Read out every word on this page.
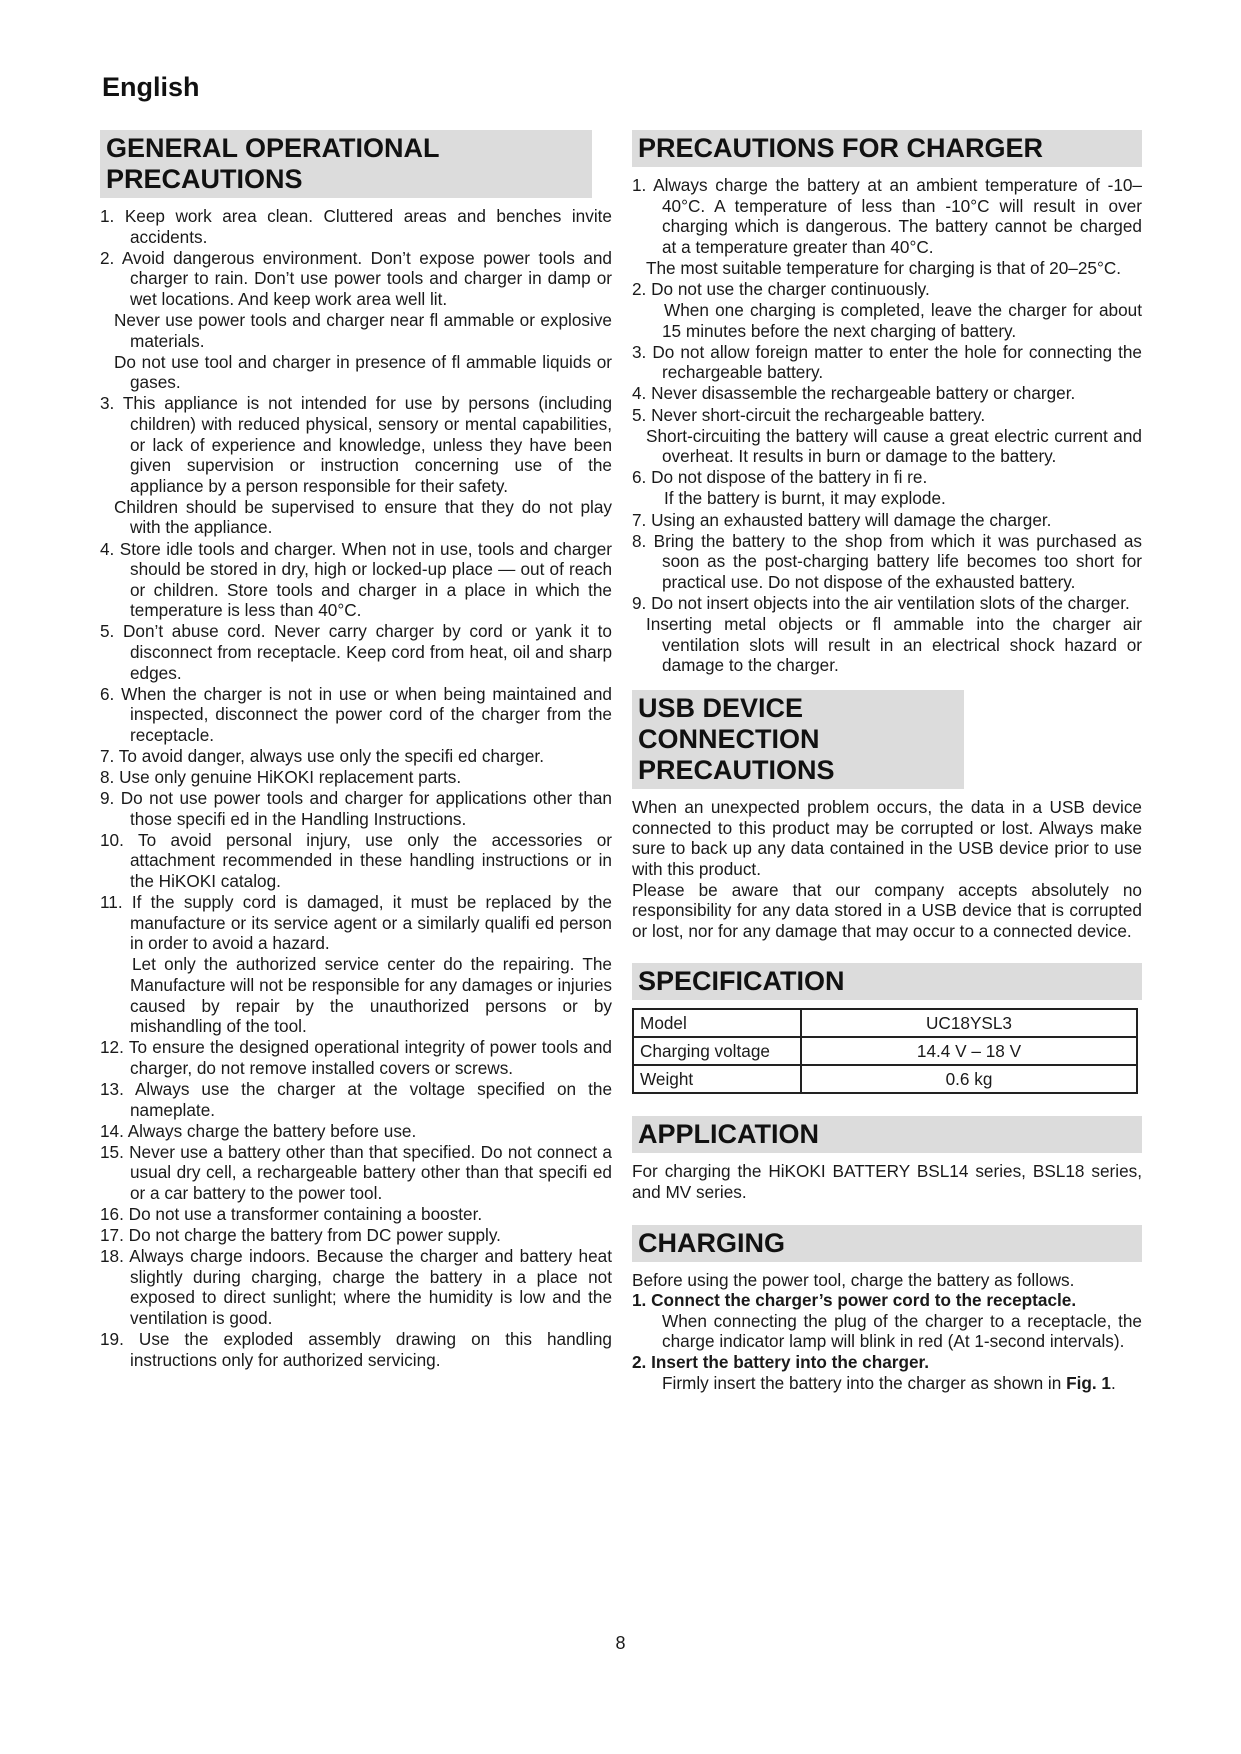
English
GENERAL OPERATIONAL PRECAUTIONS
1. Keep work area clean. Cluttered areas and benches invite accidents.
2. Avoid dangerous environment. Don’t expose power tools and charger to rain. Don’t use power tools and charger in damp or wet locations. And keep work area well lit.
Never use power tools and charger near fl ammable or explosive materials.
Do not use tool and charger in presence of fl ammable liquids or gases.
3. This appliance is not intended for use by persons (including children) with reduced physical, sensory or mental capabilities, or lack of experience and knowledge, unless they have been given supervision or instruction concerning use of the appliance by a person responsible for their safety.
Children should be supervised to ensure that they do not play with the appliance.
4. Store idle tools and charger. When not in use, tools and charger should be stored in dry, high or locked-up place — out of reach or children. Store tools and charger in a place in which the temperature is less than 40°C.
5. Don’t abuse cord. Never carry charger by cord or yank it to disconnect from receptacle. Keep cord from heat, oil and sharp edges.
6. When the charger is not in use or when being maintained and inspected, disconnect the power cord of the charger from the receptacle.
7. To avoid danger, always use only the specifi ed charger.
8. Use only genuine HiKOKI replacement parts.
9. Do not use power tools and charger for applications other than those specifi ed in the Handling Instructions.
10. To avoid personal injury, use only the accessories or attachment recommended in these handling instructions or in the HiKOKI catalog.
11. If the supply cord is damaged, it must be replaced by the manufacture or its service agent or a similarly qualifi ed person in order to avoid a hazard.
Let only the authorized service center do the repairing. The Manufacture will not be responsible for any damages or injuries caused by repair by the unauthorized persons or by mishandling of the tool.
12. To ensure the designed operational integrity of power tools and charger, do not remove installed covers or screws.
13. Always use the charger at the voltage specified on the nameplate.
14. Always charge the battery before use.
15. Never use a battery other than that specified. Do not connect a usual dry cell, a rechargeable battery other than that specifi ed or a car battery to the power tool.
16. Do not use a transformer containing a booster.
17. Do not charge the battery from DC power supply.
18. Always charge indoors. Because the charger and battery heat slightly during charging, charge the battery in a place not exposed to direct sunlight; where the humidity is low and the ventilation is good.
19. Use the exploded assembly drawing on this handling instructions only for authorized servicing.
PRECAUTIONS FOR CHARGER
1. Always charge the battery at an ambient temperature of -10–40°C. A temperature of less than -10°C will result in over charging which is dangerous. The battery cannot be charged at a temperature greater than 40°C.
The most suitable temperature for charging is that of 20–25°C.
2. Do not use the charger continuously.
When one charging is completed, leave the charger for about 15 minutes before the next charging of battery.
3. Do not allow foreign matter to enter the hole for connecting the rechargeable battery.
4. Never disassemble the rechargeable battery or charger.
5. Never short-circuit the rechargeable battery.
Short-circuiting the battery will cause a great electric current and overheat. It results in burn or damage to the battery.
6. Do not dispose of the battery in fi re.
If the battery is burnt, it may explode.
7. Using an exhausted battery will damage the charger.
8. Bring the battery to the shop from which it was purchased as soon as the post-charging battery life becomes too short for practical use. Do not dispose of the exhausted battery.
9. Do not insert objects into the air ventilation slots of the charger.
Inserting metal objects or fl ammable into the charger air ventilation slots will result in an electrical shock hazard or damage to the charger.
USB DEVICE CONNECTION PRECAUTIONS

When an unexpected problem occurs, the data in a USB device connected to this product may be corrupted or lost. Always make sure to back up any data contained in the USB device prior to use with this product.

Please be aware that our company accepts absolutely no responsibility for any data stored in a USB device that is corrupted or lost, nor for any damage that may occur to a connected device.

SPECIFICATION
Model	UC18YSL3
Charging voltage	14.4 V – 18 V
Weight	0.6 kg
APPLICATION

For charging the HiKOKI BATTERY BSL14 series, BSL18 series, and MV series.

CHARGING

Before using the power tool, charge the battery as follows.

1. Connect the charger’s power cord to the receptacle.
When connecting the plug of the charger to a receptacle, the charge indicator lamp will blink in red (At 1-second intervals).
2. Insert the battery into the charger.
Firmly insert the battery into the charger as shown in Fig. 1.
8
